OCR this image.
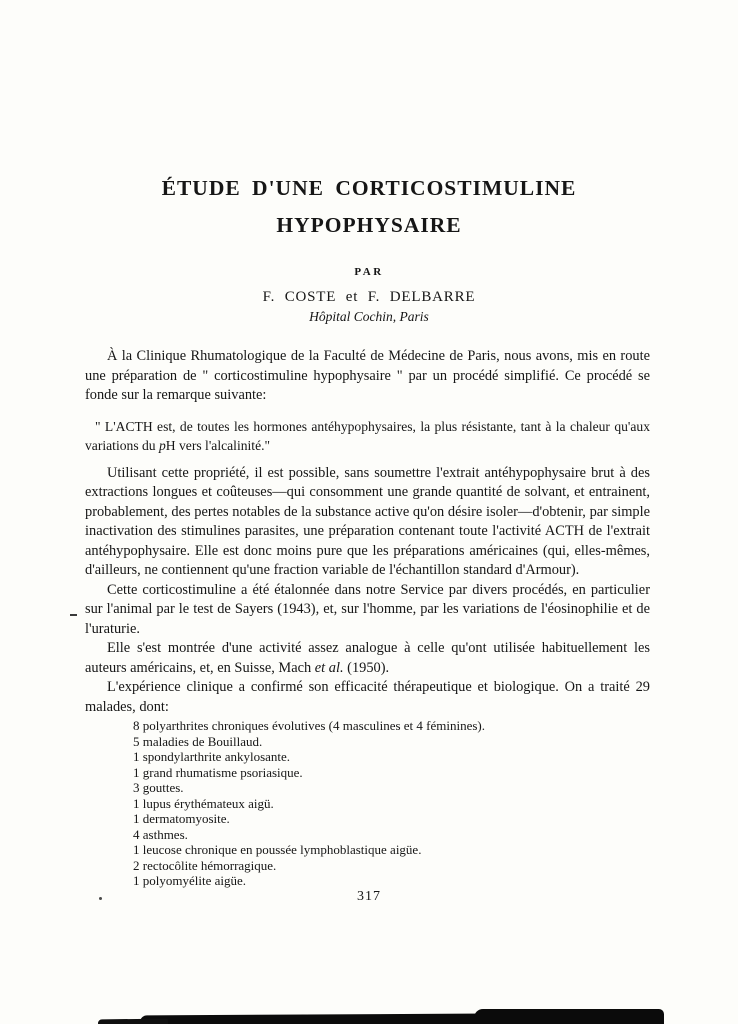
ÉTUDE D'UNE CORTICOSTIMULINE
HYPOPHYSAIRE
PAR
F. COSTE et F. DELBARRE
Hôpital Cochin, Paris

À la Clinique Rhumatologique de la Faculté de Médecine de Paris, nous avons, mis en route une préparation de " corticostimuline hypophysaire " par un procédé simplifié. Ce procédé se fonde sur la remarque suivante:

" L'ACTH est, de toutes les hormones antéhypophysaires, la plus résistante, tant à la chaleur qu'aux variations du pH vers l'alcalinité."

Utilisant cette propriété, il est possible, sans soumettre l'extrait antéhypophysaire brut à des extractions longues et coûteuses—qui consomment une grande quantité de solvant, et entrainent, probablement, des pertes notables de la substance active qu'on désire isoler—d'obtenir, par simple inactivation des stimulines parasites, une préparation contenant toute l'activité ACTH de l'extrait antéhypophysaire. Elle est donc moins pure que les préparations américaines (qui, elles-mêmes, d'ailleurs, ne contiennent qu'une fraction variable de l'échantillon standard d'Armour).

Cette corticostimuline a été étalonnée dans notre Service par divers procédés, en particulier sur l'animal par le test de Sayers (1943), et, sur l'homme, par les variations de l'éosinophilie et de l'uraturie.

Elle s'est montrée d'une activité assez analogue à celle qu'ont utilisée habituellement les auteurs américains, et, en Suisse, Mach et al. (1950).

L'expérience clinique a confirmé son efficacité thérapeutique et biologique. On a traité 29 malades, dont:

8 polyarthrites chroniques évolutives (4 masculines et 4 féminines).
5 maladies de Bouillaud.
1 spondylarthrite ankylosante.
1 grand rhumatisme psoriasique.
3 gouttes.
1 lupus érythémateux aigü.
1 dermatomyosite.
4 asthmes.
1 leucose chronique en poussée lymphoblastique aigüe.
2 rectocôlite hémorragique.
1 polyomyélite aigüe.
317
